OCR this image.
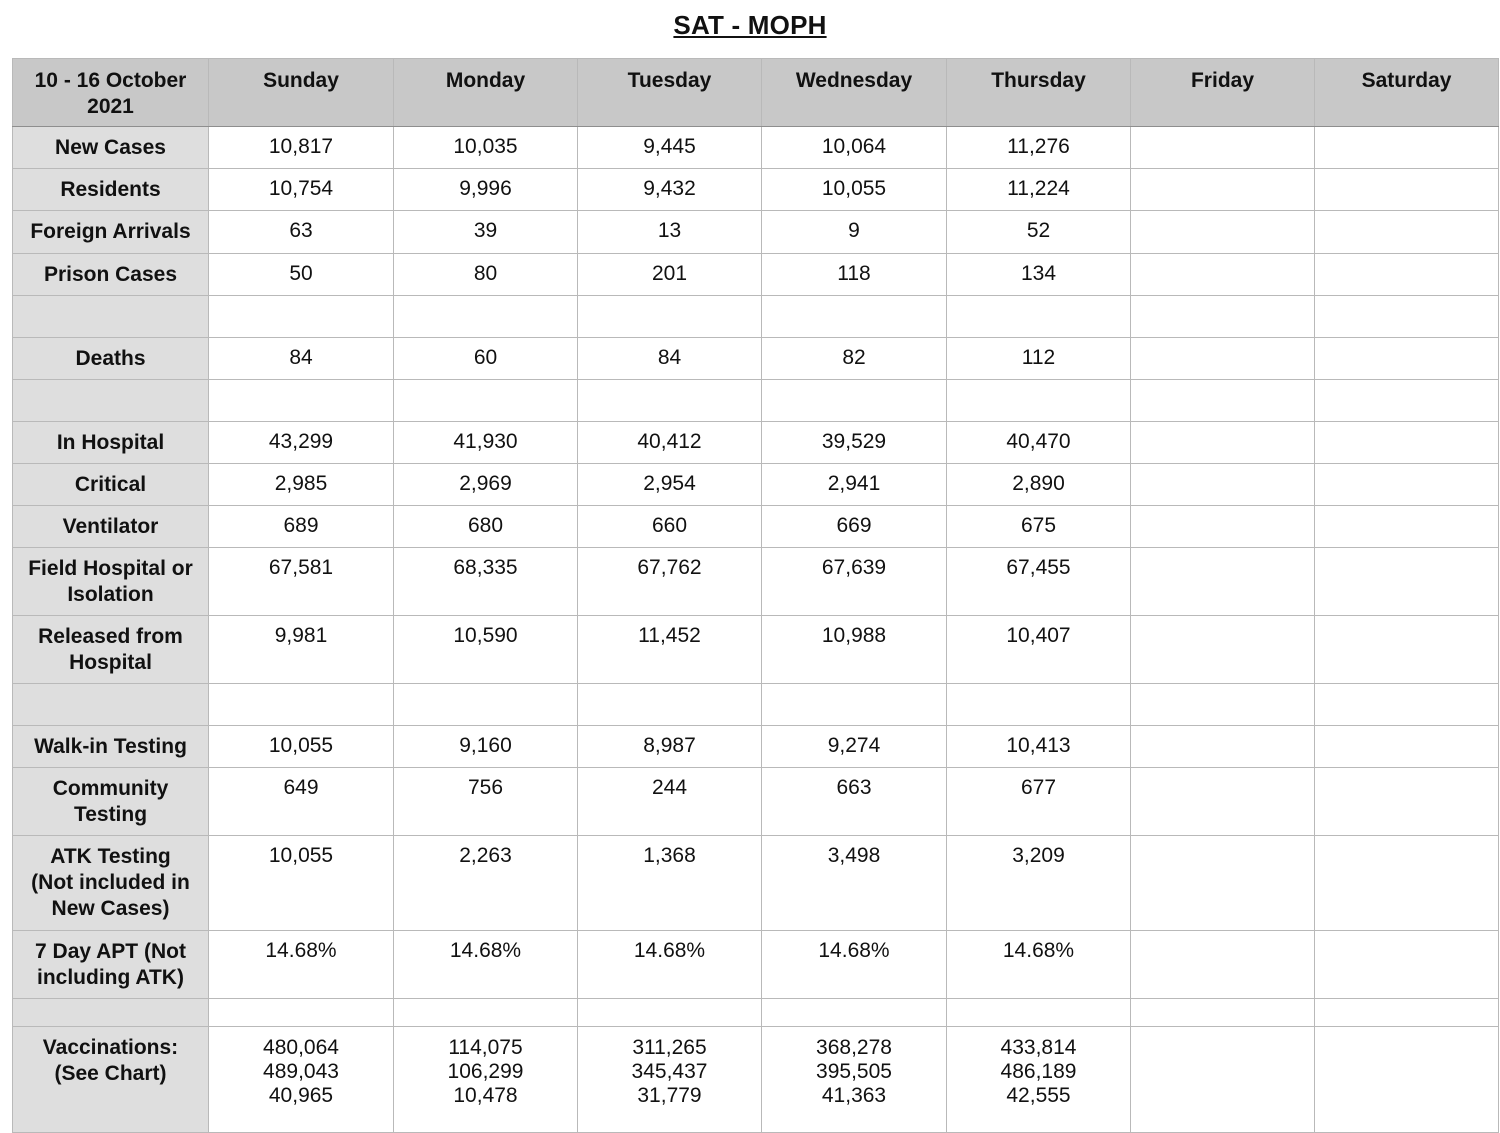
SAT - MOPH
10 - 16 October
2021	Sunday	Monday	Tuesday	Wednesday	Thursday	Friday	Saturday

New Cases	10,817	10,035	9,445	10,064	11,276		

Residents	10,754	9,996	9,432	10,055	11,224		

Foreign Arrivals	63	39	13	9	52		

Prison Cases	50	80	201	118	134		

Deaths	84	60	84	82	112		

In Hospital	43,299	41,930	40,412	39,529	40,470		

Critical	2,985	2,969	2,954	2,941	2,890		

Ventilator	689	680	660	669	675		

Field Hospital or
Isolation	67,581	68,335	67,762	67,639	67,455		

Released from
Hospital	9,981	10,590	11,452	10,988	10,407		

Walk-in Testing	10,055	9,160	8,987	9,274	10,413		

Community
Testing	649	756	244	663	677		

ATK Testing
(Not included in
New Cases)	10,055	2,263	1,368	3,498	3,209		

7 Day APT (Not
including ATK)	14.68%	14.68%	14.68%	14.68%	14.68%		

Vaccinations:
(See Chart)	480,064
489,043
40,965	114,075
106,299
10,478	311,265
345,437
31,779	368,278
395,505
41,363	433,814
486,189
42,555		
